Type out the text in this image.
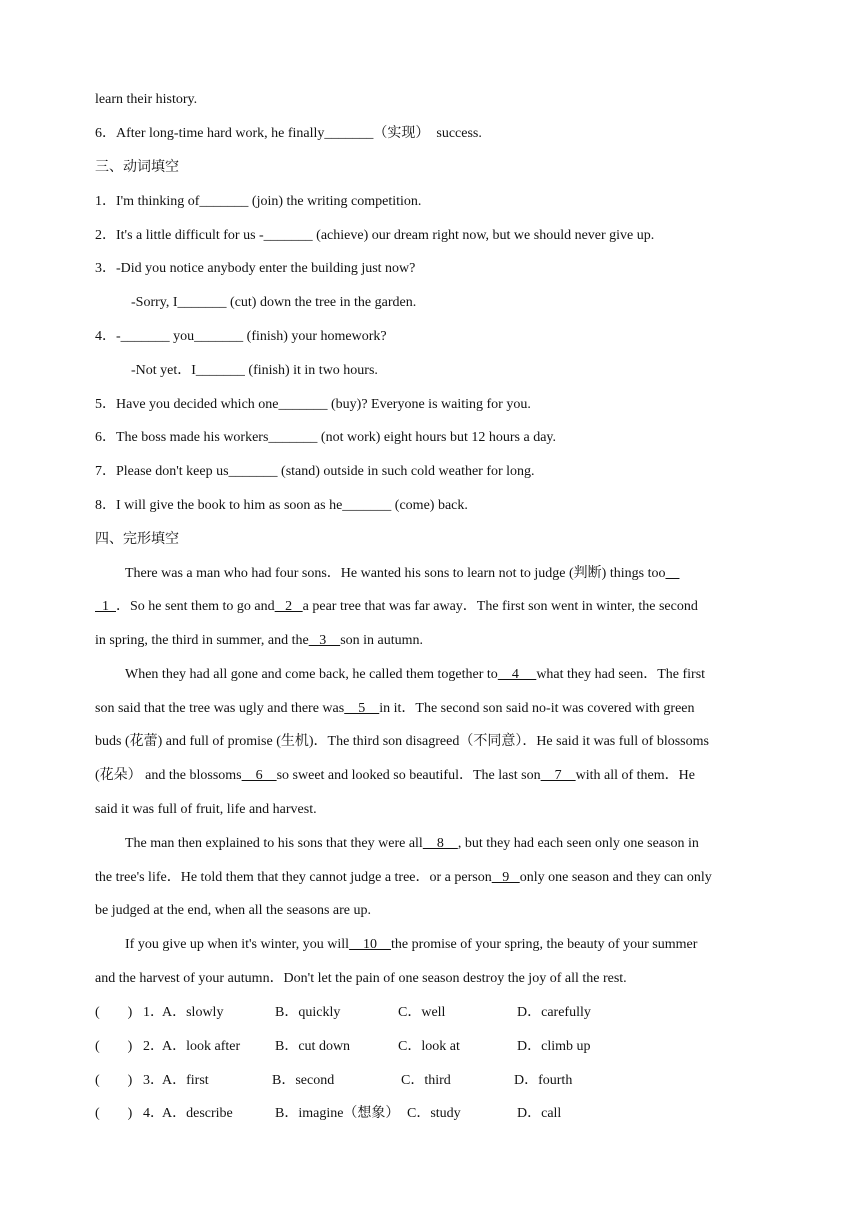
learn their history.
6．After long-time hard work, he finally_______（实现）  success.
三、动词填空
1．I'm thinking of_______ (join) the writing competition.
2．It's a little difficult for us -_______ (achieve) our dream right now, but we should never give up.
3．-Did you notice anybody enter the building just now?
-Sorry, I_______ (cut) down the tree in the garden.
4．-_______ you_______ (finish) your homework?
-Not yet．I_______ (finish) it in two hours.
5．Have you decided which one_______ (buy)? Everyone is waiting for you.
6．The boss made his workers_______ (not work) eight hours but 12 hours a day.
7．Please don't keep us_______ (stand) outside in such cold weather for long.
8．I will give the book to him as soon as he_______ (come) back.
四、完形填空
There was a man who had four sons．He wanted his sons to learn not to judge (判断) things too
1  ．So he sent them to go and   2   a pear tree that was far away．The first son went in winter, the second
in spring, the third in summer, and the   3    son in autumn.
When they had all gone and come back, he called them together to    4     what they had seen．The first
son said that the tree was ugly and there was    5    in it．The second son said no-it was covered with green
buds (花蕾) and full of promise (生机)．The third son disagreed（不同意）．He said it was full of blossoms
(花朵） and the blossoms    6    so sweet and looked so beautiful．The last son    7    with all of them．He
said it was full of fruit, life and harvest.
The man then explained to his sons that they were all    8    , but they had each seen only one season in
the tree's life．He told them that they cannot judge a tree．or a person   9   only one season and they can only
be judged at the end, when all the seasons are up.
If you give up when it's winter, you will    10    the promise of your spring, the beauty of your summer
and the harvest of your autumn．Don't let the pain of one season destroy the joy of all the rest.
(        ) 1．
A．slowly	B．quickly	C．well	D．carefully
(        ) 2．
A．look after B．cut down	C．look at	D．climb up
(        ) 3．
A．first	B．second	C．third	D．fourth
(        ) 4．
A．describe	B．imagine（想象） C．study	D．call
